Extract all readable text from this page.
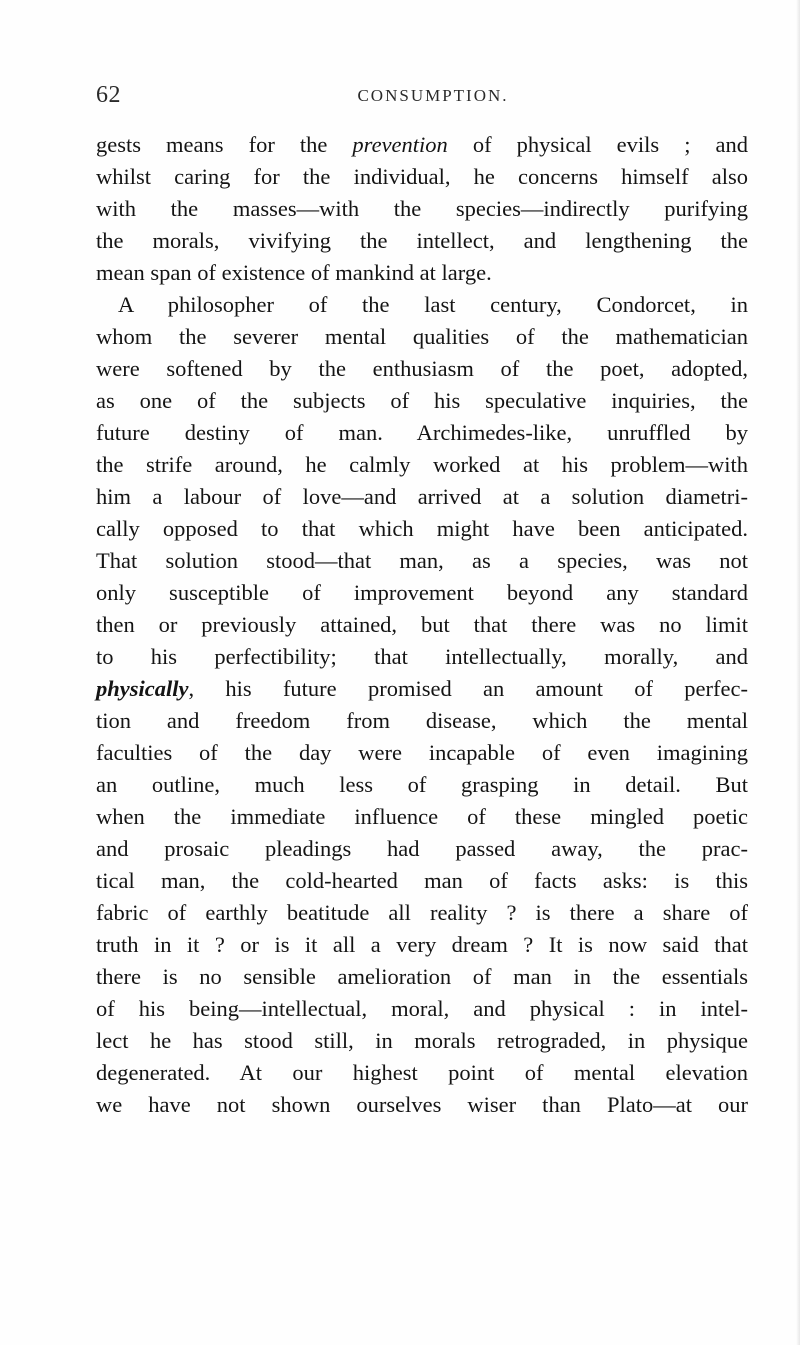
62	CONSUMPTION.
gests means for the prevention of physical evils ; and
whilst caring for the individual, he concerns himself also
with the masses—with the species—indirectly purifying
the morals, vivifying the intellect, and lengthening the
mean span of existence of mankind at large.
A philosopher of the last century, Condorcet, in
whom the severer mental qualities of the mathematician
were softened by the enthusiasm of the poet, adopted,
as one of the subjects of his speculative inquiries, the
future destiny of man. Archimedes-like, unruffled by
the strife around, he calmly worked at his problem—with
him a labour of love—and arrived at a solution diametri-
cally opposed to that which might have been anticipated.
That solution stood—that man, as a species, was not
only susceptible of improvement beyond any standard
then or previously attained, but that there was no limit
to his perfectibility; that intellectually, morally, and
physically, his future promised an amount of perfec-
tion and freedom from disease, which the mental
faculties of the day were incapable of even imagining
an outline, much less of grasping in detail. But
when the immediate influence of these mingled poetic
and prosaic pleadings had passed away, the prac-
tical man, the cold-hearted man of facts asks: is this
fabric of earthly beatitude all reality ? is there a share of
truth in it ? or is it all a very dream ? It is now said that
there is no sensible amelioration of man in the essentials
of his being—intellectual, moral, and physical : in intel-
lect he has stood still, in morals retrograded, in physique
degenerated. At our highest point of mental elevation
we have not shown ourselves wiser than Plato—at our
